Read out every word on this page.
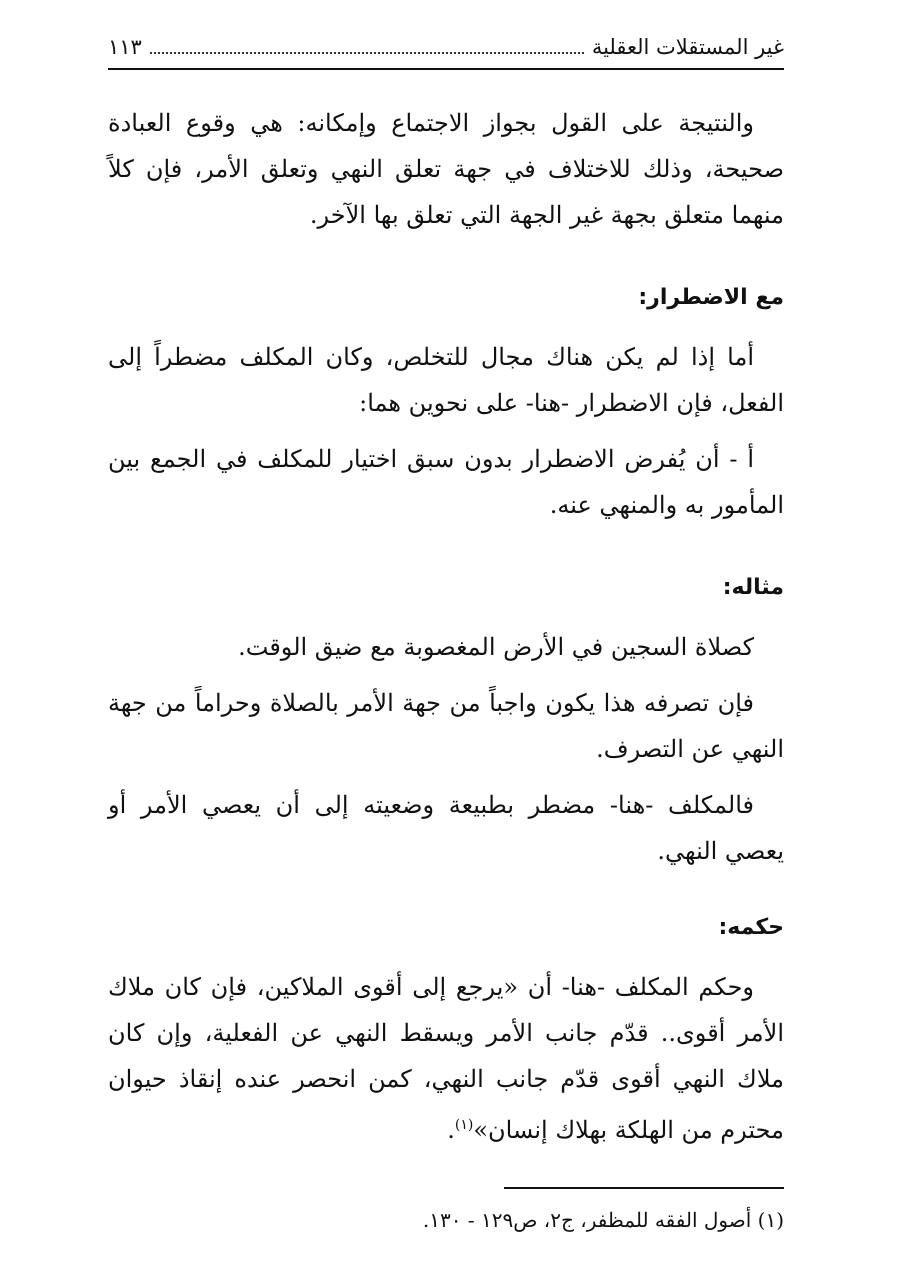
غير المستقلات العقلية
١١٣

والنتيجة على القول بجواز الاجتماع وإمكانه: هي وقوع العبادة صحيحة، وذلك للاختلاف في جهة تعلق النهي وتعلق الأمر، فإن كلاً منهما متعلق بجهة غير الجهة التي تعلق بها الآخر.

مع الاضطرار:

أما إذا لم يكن هناك مجال للتخلص، وكان المكلف مضطراً إلى الفعل، فإن الاضطرار -هنا- على نحوين هما:

أ - أن يُفرض الاضطرار بدون سبق اختيار للمكلف في الجمع بين المأمور به والمنهي عنه.

مثاله:

كصلاة السجين في الأرض المغصوبة مع ضيق الوقت.

فإن تصرفه هذا يكون واجباً من جهة الأمر بالصلاة وحراماً من جهة النهي عن التصرف.

فالمكلف -هنا- مضطر بطبيعة وضعيته إلى أن يعصي الأمر أو يعصي النهي.

حكمه:

وحكم المكلف -هنا- أن «يرجع إلى أقوى الملاكين، فإن كان ملاك الأمر أقوى.. قدّم جانب الأمر ويسقط النهي عن الفعلية، وإن كان ملاك النهي أقوى قدّم جانب النهي، كمن انحصر عنده إنقاذ حيوان محترم من الهلكة بهلاك إنسان»$^{(١)}$.

(١) أصول الفقه للمظفر، ج٢، ص١٢٩ - ١٣٠.
